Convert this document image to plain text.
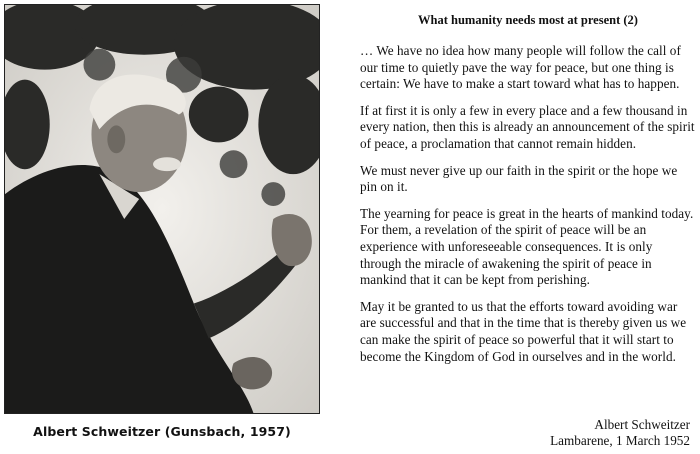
Albert Schweitzer (Gunsbach, 1957)
What humanity needs most at present (2)

… We have no idea how many people will follow the call of our time to quietly pave the way for peace, but one thing is certain: We have to make a start toward what has to happen.

If at first it is only a few in every place and a few thousand in every nation, then this is already an announcement of the spirit of peace, a proclamation that cannot remain hidden.

We must never give up our faith in the spirit or the hope we pin on it.

The yearning for peace is great in the hearts of mankind today. For them, a revelation of the spirit of peace will be an experience with unforeseeable consequences. It is only through the miracle of awakening the spirit of peace in mankind that it can be kept from perishing.

May it be granted to us that the efforts toward avoiding war are successful and that in the time that is thereby given us we can make the spirit of peace so powerful that it will start to become the Kingdom of God in ourselves and in the world.

Albert Schweitzer
Lambarene, 1 March 1952
